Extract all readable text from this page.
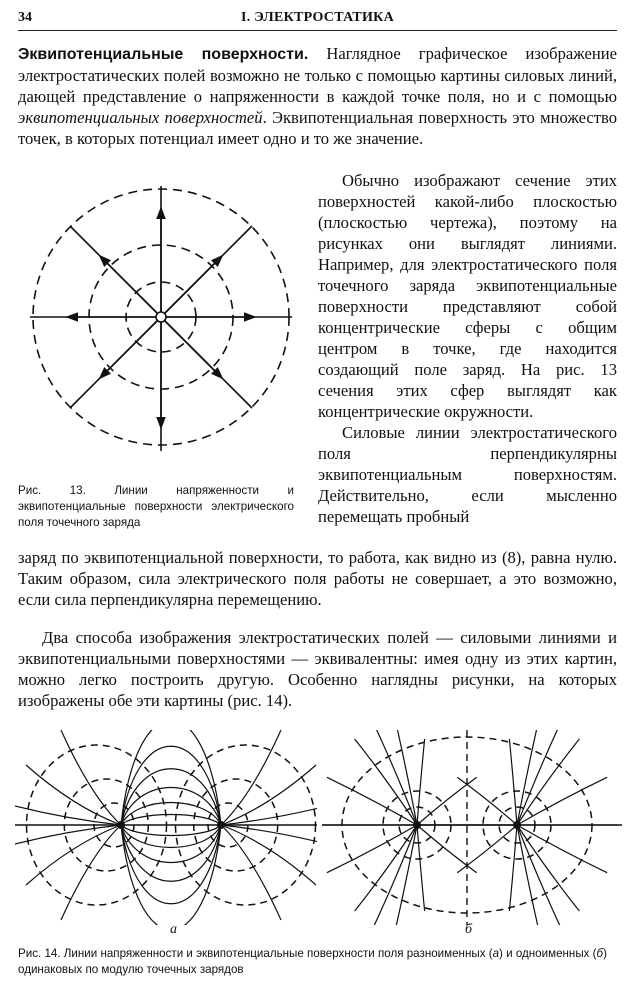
34	I. ЭЛЕКТРОСТАТИКА
Эквипотенциальные поверхности. Наглядное графическое изображение электростатических полей возможно не только с помощью картины силовых линий, дающей представление о напряженности в каждой точке поля, но и с помощью эквипотенциальных поверхностей. Эквипотенциальная поверхность это множество точек, в которых потенциал имеет одно и то же значение.
Обычно изображают сечение этих поверхностей какой-либо плоскостью (плоскостью чертежа), поэтому на рисунках они выглядят линиями. Например, для электростатического поля точечного заряда эквипотенциальные поверхности представляют собой концентрические сферы с общим центром в точке, где находится создающий поле заряд. На рис. 13 сечения этих сфер выглядят как концентрические окружности.
Силовые линии электростатического поля перпендикулярны эквипотенциальным поверхностям. Действительно, если мысленно перемещать пробный
Рис. 13. Линии напряженности и эквипотенциальные поверхности электрического поля точечного заряда
заряд по эквипотенциальной поверхности, то работа, как видно из (8), равна нулю. Таким образом, сила электрического поля работы не совершает, а это возможно, если сила перпендикулярна перемещению.
Два способа изображения электростатических полей — силовыми линиями и эквипотенциальными поверхностями — эквивалентны: имея одну из этих картин, можно легко построить другую. Особенно наглядны рисунки, на которых изображены обе эти картины (рис. 14).
а	б
Рис. 14. Линии напряженности и эквипотенциальные поверхности поля разноименных (а) и одноименных (б) одинаковых по модулю точечных зарядов
